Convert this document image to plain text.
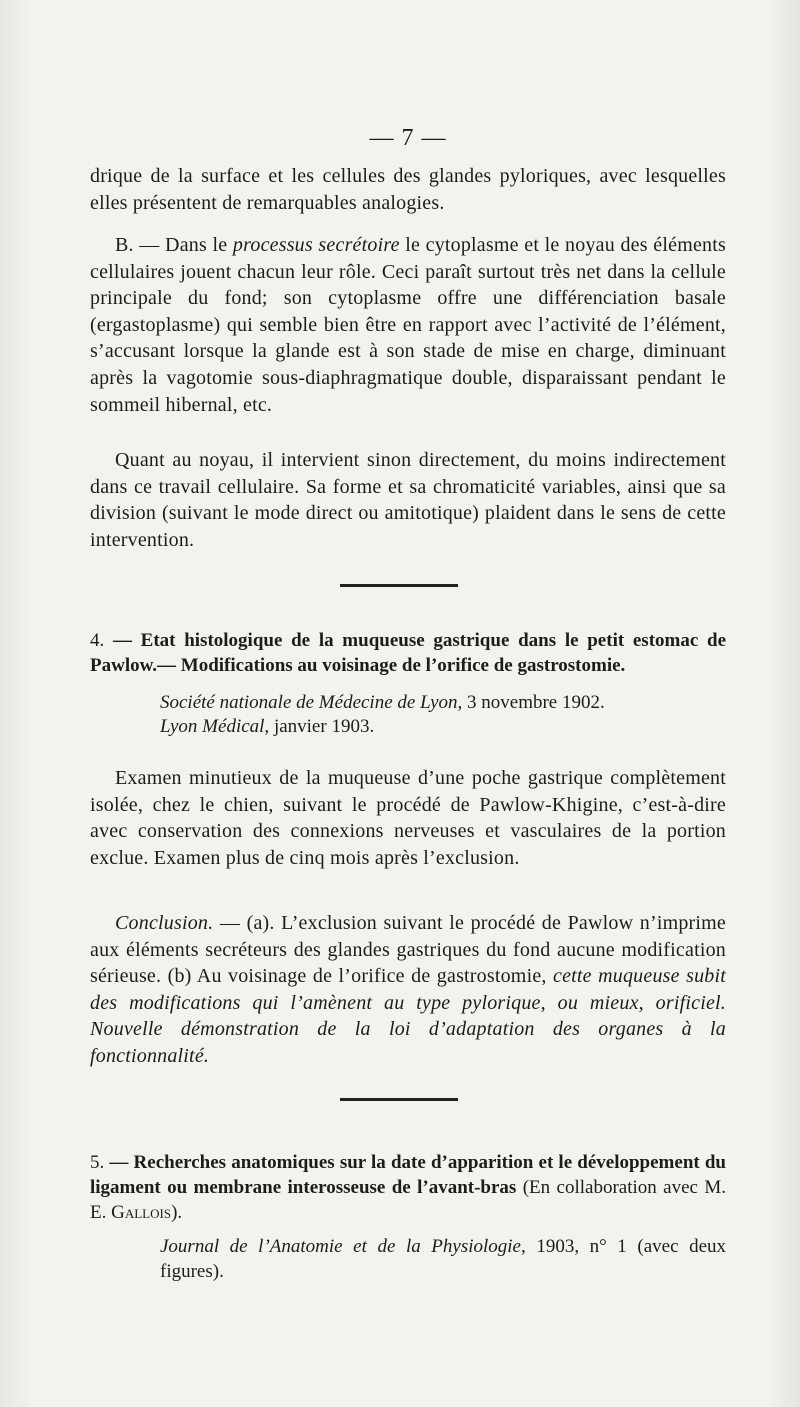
— 7 —
drique de la surface et les cellules des glandes pyloriques, avec lesquelles elles présentent de remarquables analogies.
B. — Dans le processus secrétoire le cytoplasme et le noyau des éléments cellulaires jouent chacun leur rôle. Ceci paraît surtout très net dans la cellule principale du fond; son cytoplasme offre une différenciation basale (ergastoplasme) qui semble bien être en rapport avec l’activité de l’élément, s’accusant lorsque la glande est à son stade de mise en charge, diminuant après la vagotomie sous-diaphragmatique double, disparaissant pendant le sommeil hibernal, etc.
Quant au noyau, il intervient sinon directement, du moins indirectement dans ce travail cellulaire. Sa forme et sa chromaticité variables, ainsi que sa division (suivant le mode direct ou amitotique) plaident dans le sens de cette intervention.
4. — Etat histologique de la muqueuse gastrique dans le petit estomac de Pawlow.— Modifications au voisinage de l’orifice de gastrostomie.
Société nationale de Médecine de Lyon, 3 novembre 1902.
Lyon Médical, janvier 1903.
Examen minutieux de la muqueuse d’une poche gastrique complètement isolée, chez le chien, suivant le procédé de Pawlow-Khigine, c’est-à-dire avec conservation des connexions nerveuses et vasculaires de la portion exclue. Examen plus de cinq mois après l’exclusion.
Conclusion. — (a). L’exclusion suivant le procédé de Pawlow n’imprime aux éléments secréteurs des glandes gastriques du fond aucune modification sérieuse. (b) Au voisinage de l’orifice de gastrostomie, cette muqueuse subit des modifications qui l’amènent au type pylorique, ou mieux, orificiel. Nouvelle démonstration de la loi d’adaptation des organes à la fonctionnalité.
5. — Recherches anatomiques sur la date d’apparition et le développement du ligament ou membrane interosseuse de l’avant-bras (En collaboration avec M. E. Gallois).
Journal de l’Anatomie et de la Physiologie, 1903, n° 1 (avec deux figures).
